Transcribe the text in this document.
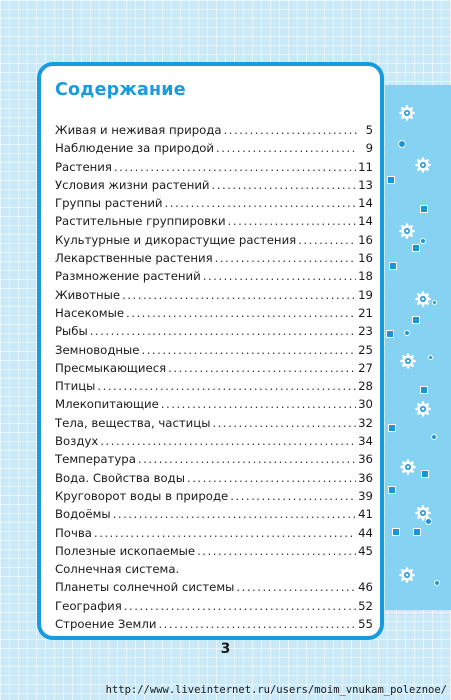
Содержание
Живая и неживая природа .....	5
Наблюдение за природой .....	9
Растения .....	11
Условия жизни растений .....	13
Группы растений .....	14
Растительные группировки .....	14
Культурные и дикорастущие растения .....	16
Лекарственные растения .....	16
Размножение растений .....	18
Животные .....	19
Насекомые .....	21
Рыбы .....	23
Земноводные .....	25
Пресмыкающиеся .....	27
Птицы .....	28
Млекопитающие .....	30
Тела, вещества, частицы .....	32
Воздух .....	34
Температура .....	36
Вода. Свойства воды .....	36
Круговорот воды в природе .....	39
Водоёмы .....	41
Почва .....	44
Полезные ископаемые .....	45
Солнечная система.
Планеты солнечной системы .....	46
География .....	52
Строение Земли .....	55
3
http://www.liveinternet.ru/users/moim_vnukam_poleznoe/
